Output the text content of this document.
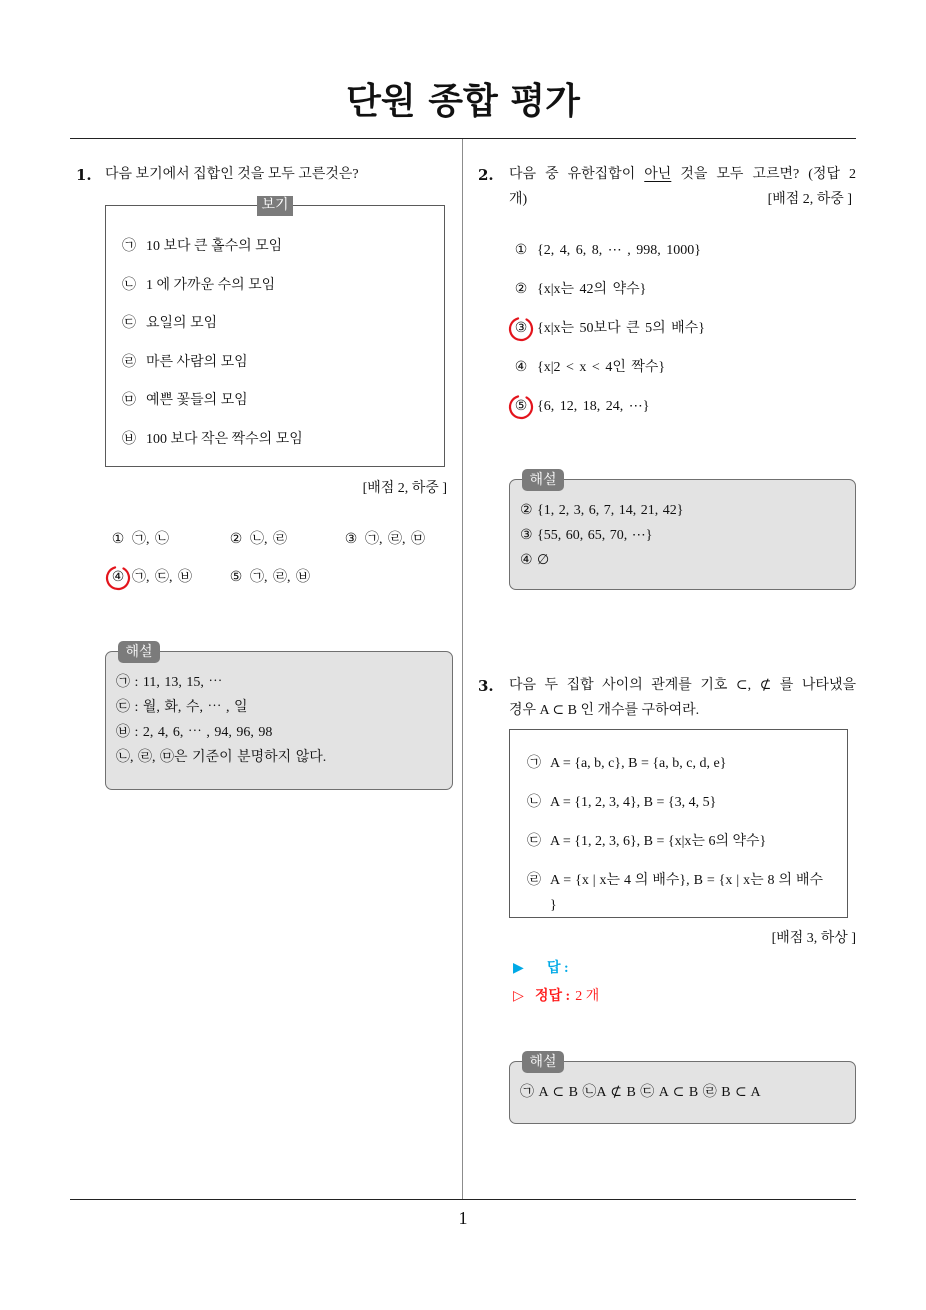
단원 종합 평가
1. 다음 보기에서 집합인 것을 모두 고른것은?
보기
㉠ 10 보다 큰 홀수의 모임
㉡ 1 에 가까운 수의 모임
㉢ 요일의 모임
㉣ 마른 사람의 모임
㉤ 예쁜 꽃들의 모임
㉥ 100 보다 작은 짝수의 모임
[배점 2, 하중 ]
① ㉠, ㉡	② ㉡, ㉣	③ ㉠, ㉣, ㉤
④ ㉠, ㉢, ㉥	⑤ ㉠, ㉣, ㉥
해설
㉠ : 11, 13, 15, ⋯
㉢ : 월, 화, 수, ⋯ , 일
㉥ : 2, 4, 6, ⋯ , 94, 96, 98
㉡, ㉣, ㉤은 기준이 분명하지 않다.
2. 다음 중 유한집합이 아닌 것을 모두 고르면? (정답 2
개)	[배점 2, 하중 ]
① {2, 4, 6, 8, ⋯ , 998, 1000}
② {x|x는 42의 약수}
③ {x|x는 50보다 큰 5의 배수}
④ {x|2 < x < 4인 짝수}
⑤ {6, 12, 18, 24, ⋯}
해설
② {1, 2, 3, 6, 7, 14, 21, 42}
③ {55, 60, 65, 70, ⋯}
④ ∅
3. 다음 두 집합 사이의 관계를 기호 ⊂, ⊄ 를 나타냈을
경우 A ⊂ B 인 개수를 구하여라.
㉠ A = {a, b, c}, B = {a, b, c, d, e}
㉡ A = {1, 2, 3, 4}, B = {3, 4, 5}
㉢ A = {1, 2, 3, 6}, B = {x|x는 6의 약수}
㉣ A = {x | x는 4 의 배수}, B = {x | x는 8 의 배수 }
[배점 3, 하상 ]
▶ 답 :
▷ 정답 : 2 개
해설
㉠ A ⊂ B ㉡A ⊄ B ㉢ A ⊂ B ㉣ B ⊂ A
1
